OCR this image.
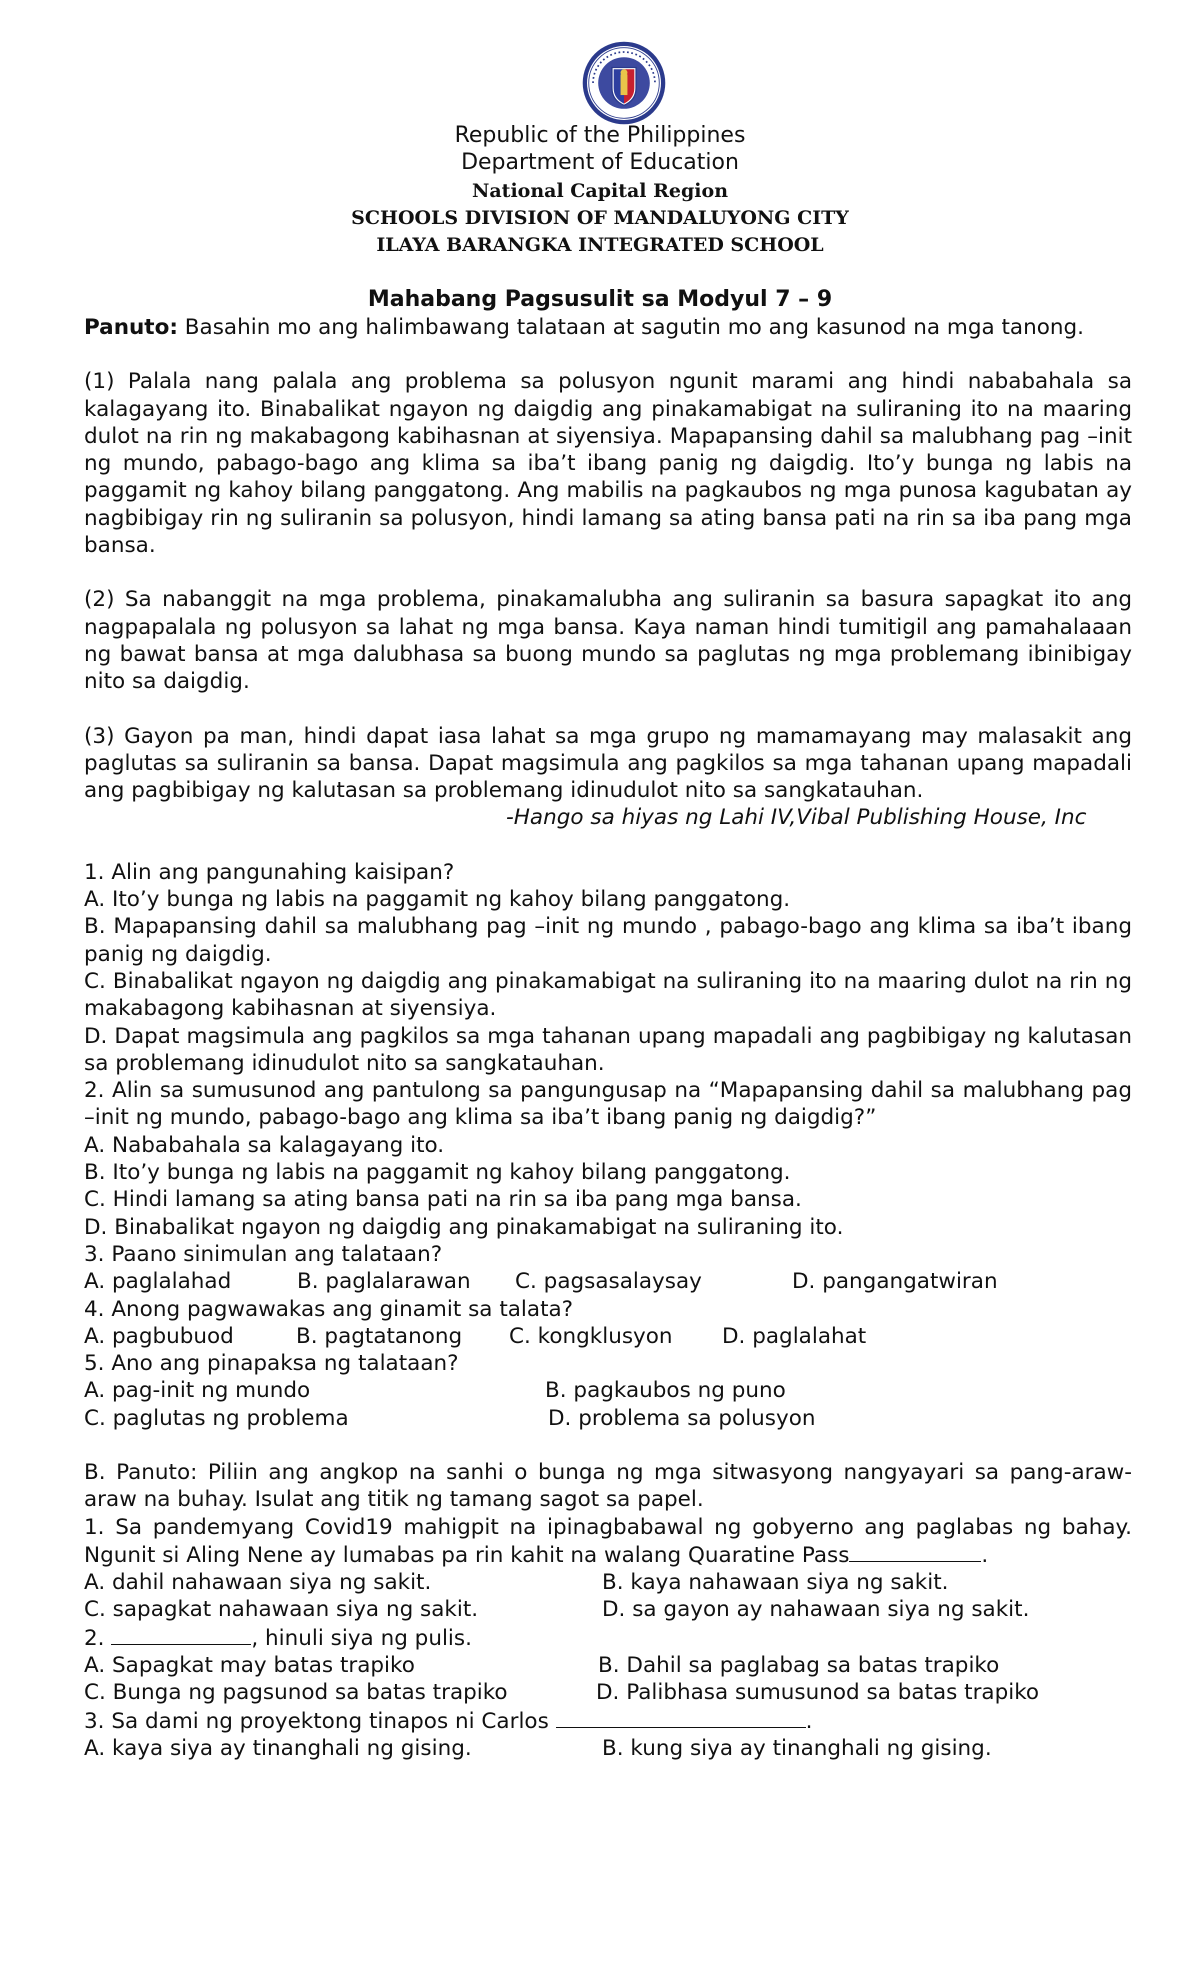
Republic of the Philippines
Department of Education
National Capital Region
SCHOOLS DIVISION OF MANDALUYONG CITY
ILAYA BARANGKA INTEGRATED SCHOOL
Mahabang Pagsusulit sa Modyul 7 – 9

Panuto: Basahin mo ang halimbawang talataan at sagutin mo ang kasunod na mga tanong.

(1) Palala nang palala ang problema sa polusyon ngunit marami ang hindi nababahala sa kalagayang ito. Binabalikat ngayon ng daigdig ang pinakamabigat na suliraning ito na maaring dulot na rin ng makabagong kabihasnan at siyensiya. Mapapansing dahil sa malubhang pag –init ng mundo, pabago-bago ang klima sa iba’t ibang panig ng daigdig. Ito’y bunga ng labis na paggamit ng kahoy bilang panggatong. Ang mabilis na pagkaubos ng mga punosa kagubatan ay nagbibigay rin ng suliranin sa polusyon, hindi lamang sa ating bansa pati na rin sa iba pang mga bansa.

(2) Sa nabanggit na mga problema, pinakamalubha ang suliranin sa basura sapagkat ito ang nagpapalala ng polusyon sa lahat ng mga bansa. Kaya naman hindi tumitigil ang pamahalaaan ng bawat bansa at mga dalubhasa sa buong mundo sa paglutas ng mga problemang ibinibigay nito sa daigdig.

(3) Gayon pa man, hindi dapat iasa lahat sa mga grupo ng mamamayang may malasakit ang paglutas sa suliranin sa bansa. Dapat magsimula ang pagkilos sa mga tahanan upang mapadali ang pagbibigay ng kalutasan sa problemang idinudulot nito sa sangkatauhan.

-Hango sa hiyas ng Lahi IV,Vibal Publishing House, Inc

1. Alin ang pangunahing kaisipan?

A. Ito’y bunga ng labis na paggamit ng kahoy bilang panggatong.

B. Mapapansing dahil sa malubhang pag –init ng mundo , pabago-bago ang klima sa iba’t ibang panig ng daigdig.

C. Binabalikat ngayon ng daigdig ang pinakamabigat na suliraning ito na maaring dulot na rin ng makabagong kabihasnan at siyensiya.

D. Dapat magsimula ang pagkilos sa mga tahanan upang mapadali ang pagbibigay ng kalutasan sa problemang idinudulot nito sa sangkatauhan.

2. Alin sa sumusunod ang pantulong sa pangungusap na “Mapapansing dahil sa malubhang pag –init ng mundo, pabago-bago ang klima sa iba’t ibang panig ng daigdig?”

A. Nababahala sa kalagayang ito.

B. Ito’y bunga ng labis na paggamit ng kahoy bilang panggatong.

C. Hindi lamang sa ating bansa pati na rin sa iba pang mga bansa.

D. Binabalikat ngayon ng daigdig ang pinakamabigat na suliraning ito.

3. Paano sinimulan ang talataan?

A. paglalahad	B. paglalarawan	C. pagsasalaysay	D. pangangatwiran

4. Anong pagwawakas ang ginamit sa talata?

A. pagbubuod	B. pagtatanong	C. kongklusyon	D. paglalahat

5. Ano ang pinapaksa ng talataan?

A. pag-init ng mundo	B. pagkaubos ng puno
C. paglutas ng problema	D. problema sa polusyon

B. Panuto: Piliin ang angkop na sanhi o bunga ng mga sitwasyong nangyayari sa pang-araw-araw na buhay. Isulat ang titik ng tamang sagot sa papel.

1. Sa pandemyang Covid19 mahigpit na ipinagbabawal ng gobyerno ang paglabas ng bahay. Ngunit si Aling Nene ay lumabas pa rin kahit na walang Quaratine Pass	.

A. dahil nahawaan siya ng sakit.	B. kaya nahawaan siya ng sakit.
C. sapagkat nahawaan siya ng sakit.	D. sa gayon ay nahawaan siya ng sakit.

2.	, hinuli siya ng pulis.

A. Sapagkat may batas trapiko	B. Dahil sa paglabag sa batas trapiko
C. Bunga ng pagsunod sa batas trapiko	D. Palibhasa sumusunod sa batas trapiko

3. Sa dami ng proyektong tinapos ni Carlos	.

A. kaya siya ay tinanghali ng gising.	B. kung siya ay tinanghali ng gising.
